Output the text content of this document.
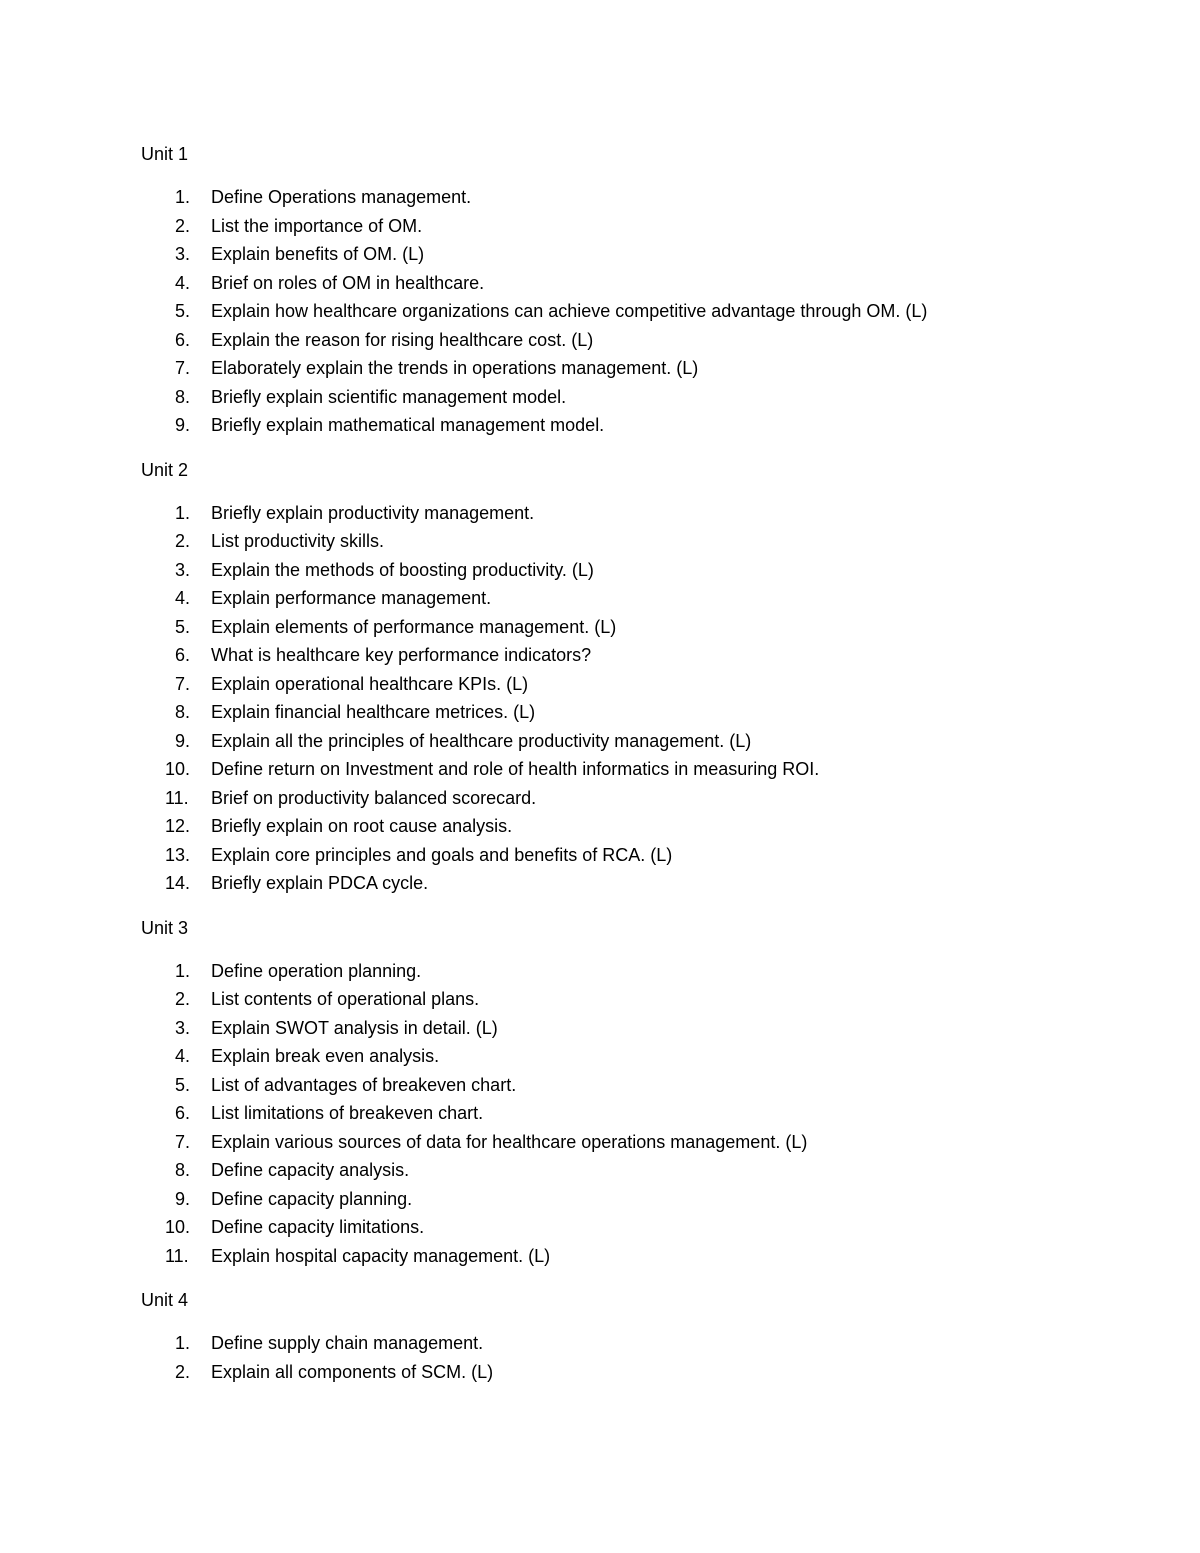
Unit 1
1.	Define Operations management.
2.	List the importance of OM.
3.	Explain benefits of OM. (L)
4.	Brief on roles of OM in healthcare.
5.	Explain how healthcare organizations can achieve competitive advantage through OM. (L)
6.	Explain the reason for rising healthcare cost. (L)
7.	Elaborately explain the trends in operations management. (L)
8.	Briefly explain scientific management model.
9.	Briefly explain mathematical management model.
Unit 2
1.	Briefly explain productivity management.
2.	List productivity skills.
3.	Explain the methods of boosting productivity. (L)
4.	Explain performance management.
5.	Explain elements of performance management. (L)
6.	What is healthcare key performance indicators?
7.	Explain operational healthcare KPIs. (L)
8.	Explain financial healthcare metrices. (L)
9.	Explain all the principles of healthcare productivity management. (L)
10.	Define return on Investment and role of health informatics in measuring ROI.
11.	Brief on productivity balanced scorecard.
12.	Briefly explain on root cause analysis.
13.	Explain core principles and goals and benefits of RCA. (L)
14.	Briefly explain PDCA cycle.
Unit 3
1.	Define operation planning.
2.	List contents of operational plans.
3.	Explain SWOT analysis in detail. (L)
4.	Explain break even analysis.
5.	List of advantages of breakeven chart.
6.	List limitations of breakeven chart.
7.	Explain various sources of data for healthcare operations management. (L)
8.	Define capacity analysis.
9.	Define capacity planning.
10.	Define capacity limitations.
11.	Explain hospital capacity management. (L)
Unit 4
1.	Define supply chain management.
2.	Explain all components of SCM. (L)
